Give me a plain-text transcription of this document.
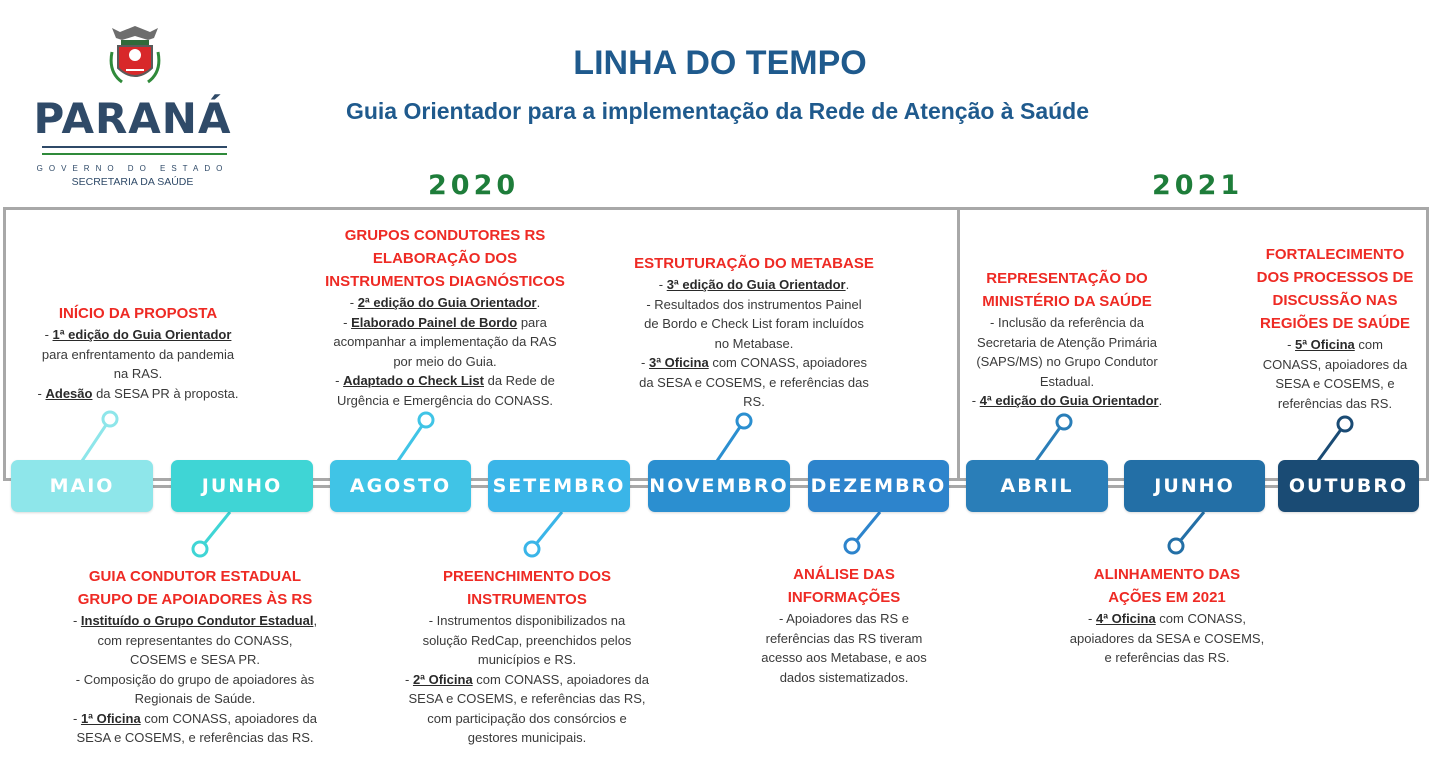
PARANÁ
GOVERNO DO ESTADO
SECRETARIA DA SAÚDE
LINHA DO TEMPO
Guia Orientador para a implementação da Rede de Atenção à Saúde
2020	2021
MAIO	JUNHO	AGOSTO	SETEMBRO NOVEMBRO DEZEMBRO	ABRIL	JUNHO	OUTUBRO
INÍCIO DA PROPOSTA
- 1ª edição do Guia Orientador
para enfrentamento da pandemia
na RAS.
- Adesão da SESA PR à proposta.
GRUPOS CONDUTORES RS
ELABORAÇÃO DOS
INSTRUMENTOS DIAGNÓSTICOS
- 2ª edição do Guia Orientador.
- Elaborado Painel de Bordo para
acompanhar a implementação da RAS
por meio do Guia.
- Adaptado o Check List da Rede de
Urgência e Emergência do CONASS.
ESTRUTURAÇÃO DO METABASE
- 3ª edição do Guia Orientador.
- Resultados dos instrumentos Painel
de Bordo e Check List foram incluídos
no Metabase.
- 3ª Oficina com CONASS, apoiadores
da SESA e COSEMS, e referências das
RS.
REPRESENTAÇÃO DO
MINISTÉRIO DA SAÚDE
- Inclusão da referência da
Secretaria de Atenção Primária
(SAPS/MS) no Grupo Condutor
Estadual.
- 4ª edição do Guia Orientador.
FORTALECIMENTO
DOS PROCESSOS DE
DISCUSSÃO NAS
REGIÕES DE SAÚDE
- 5ª Oficina com
CONASS, apoiadores da
SESA e COSEMS, e
referências das RS.
GUIA CONDUTOR ESTADUAL
GRUPO DE APOIADORES ÀS RS
- Instituído o Grupo Condutor Estadual,
com representantes do CONASS,
COSEMS e SESA PR.
- Composição do grupo de apoiadores às
Regionais de Saúde.
- 1ª Oficina com CONASS, apoiadores da
SESA e COSEMS, e referências das RS.
PREENCHIMENTO DOS
INSTRUMENTOS
- Instrumentos disponibilizados na
solução RedCap, preenchidos pelos
municípios e RS.
- 2ª Oficina com CONASS, apoiadores da
SESA e COSEMS, e referências das RS,
com participação dos consórcios e
gestores municipais.
ANÁLISE DAS
INFORMAÇÕES
- Apoiadores das RS e
referências das RS tiveram
acesso aos Metabase, e aos
dados sistematizados.
ALINHAMENTO DAS
AÇÕES EM 2021
- 4ª Oficina com CONASS,
apoiadores da SESA e COSEMS,
e referências das RS.
